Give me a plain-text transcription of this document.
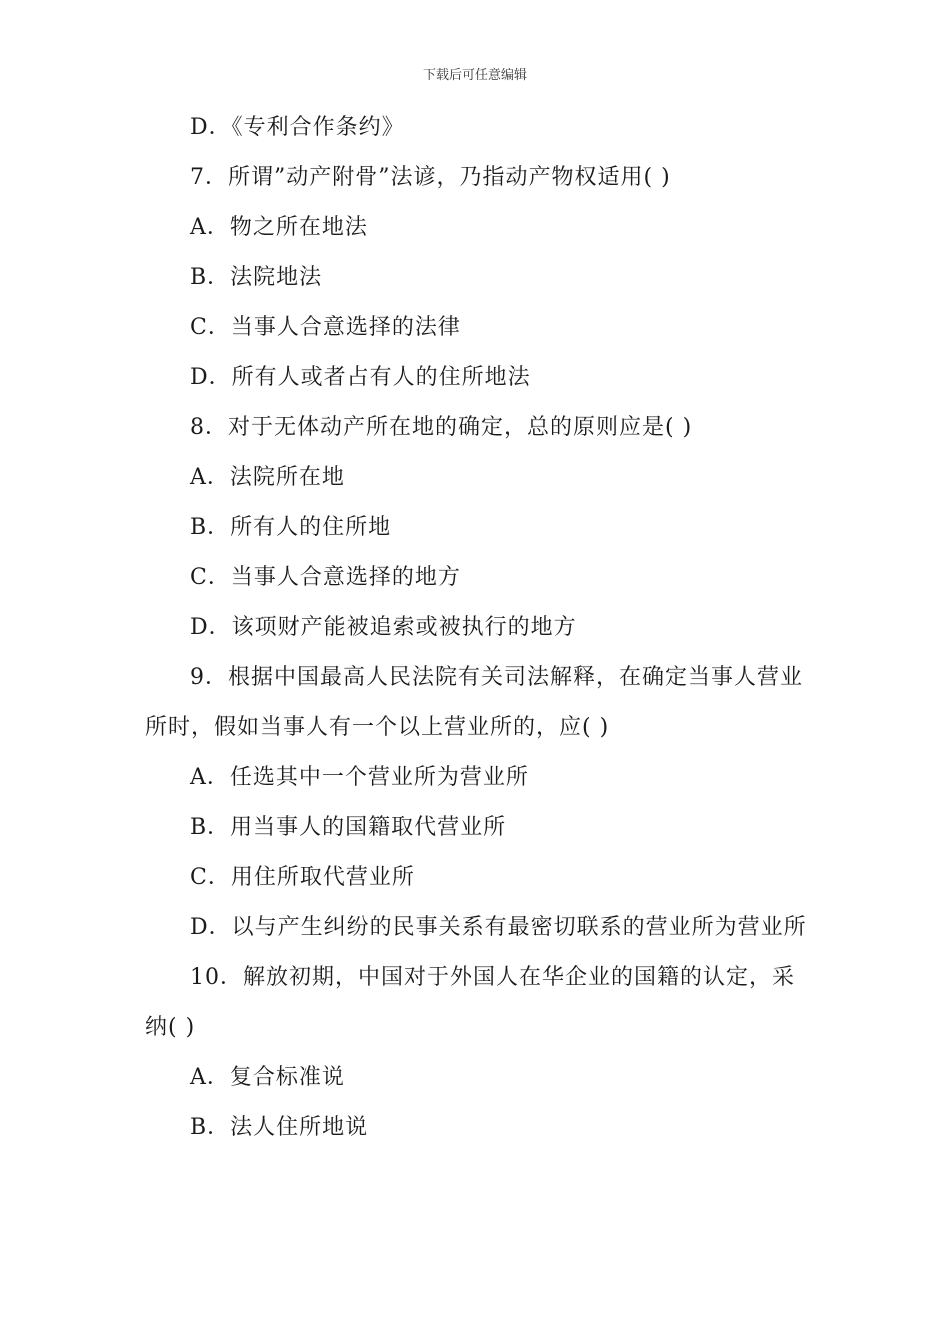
下载后可任意编辑
D．《专利合作条约》
7．所谓”动产附骨”法谚，乃指动产物权适用( )
A．物之所在地法
B．法院地法
C．当事人合意选择的法律
D．所有人或者占有人的住所地法
8．对于无体动产所在地的确定，总的原则应是( )
A．法院所在地
B．所有人的住所地
C．当事人合意选择的地方
D．该项财产能被追索或被执行的地方
9．根据中国最高人民法院有关司法解释，在确定当事人营业
所时，假如当事人有一个以上营业所的，应( )
A．任选其中一个营业所为营业所
B．用当事人的国籍取代营业所
C．用住所取代营业所
D．以与产生纠纷的民事关系有最密切联系的营业所为营业所
10．解放初期，中国对于外国人在华企业的国籍的认定，采
纳( )
A．复合标准说
B．法人住所地说
